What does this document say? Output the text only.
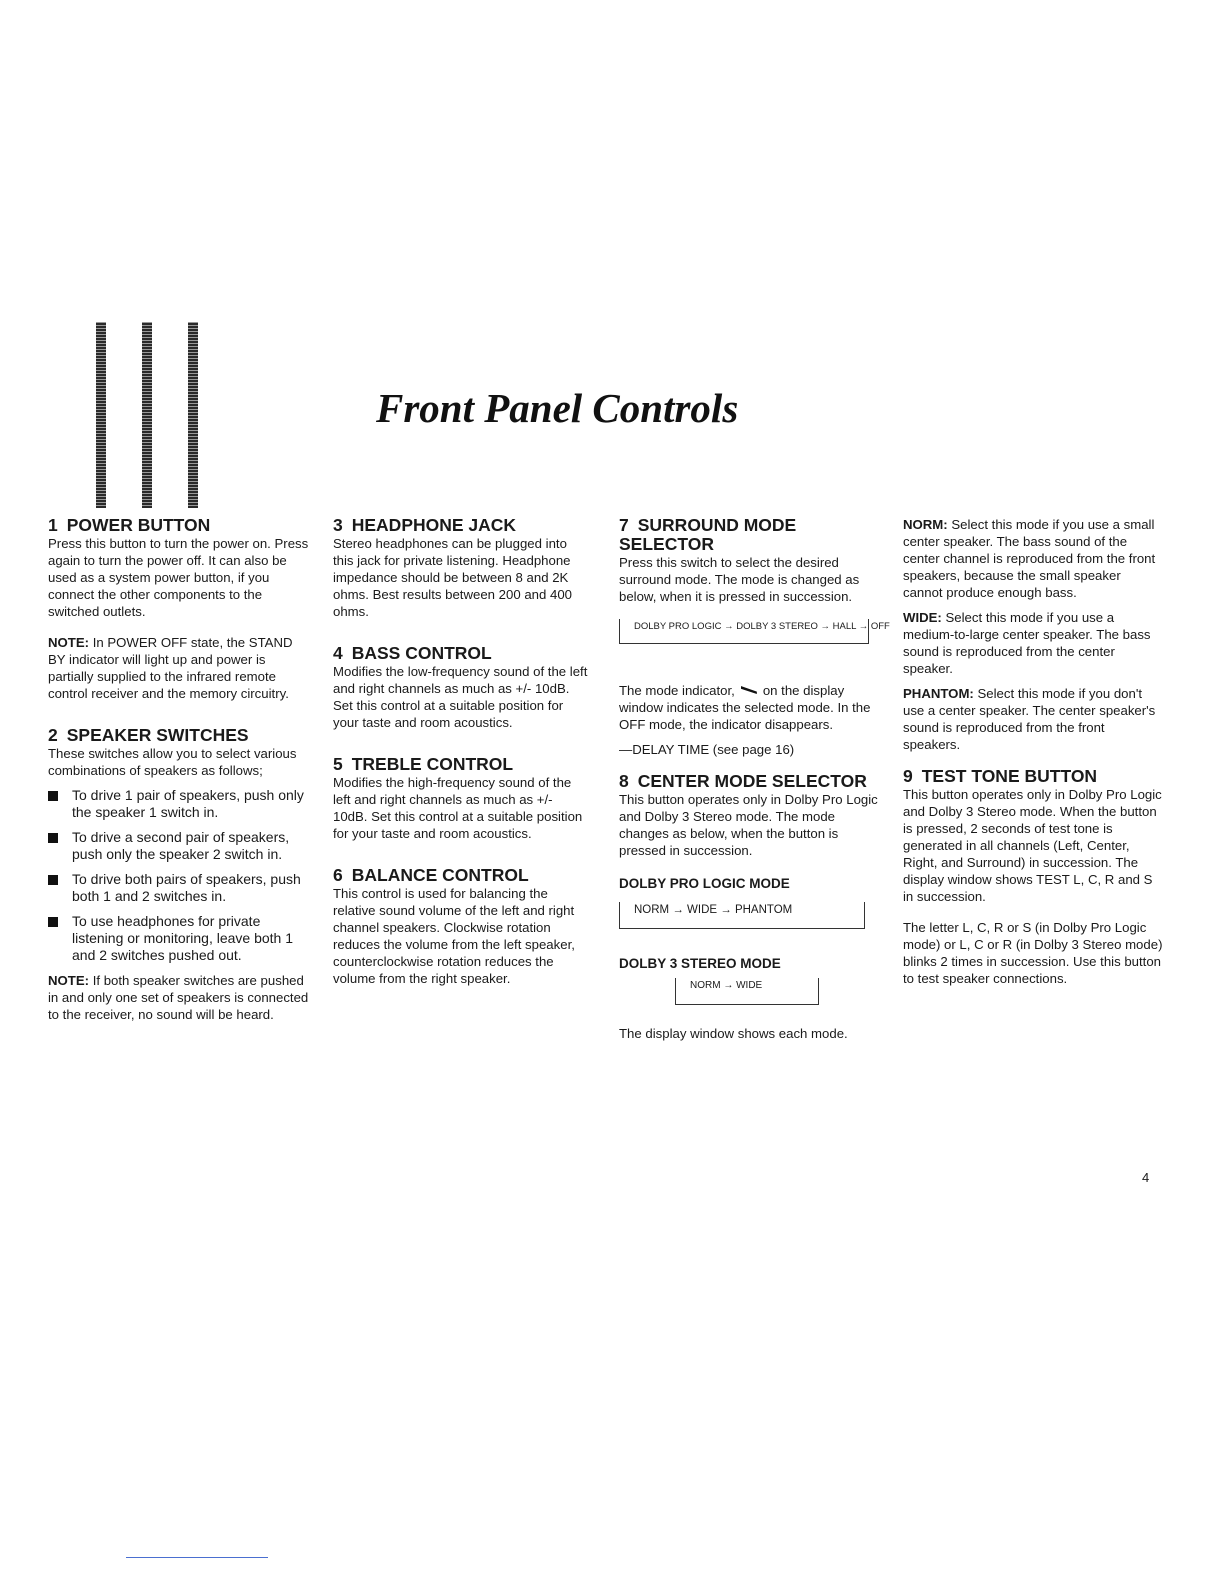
Front Panel Controls
1 POWER BUTTON

Press this button to turn the power on. Press again to turn the power off. It can also be used as a system power button, if you connect the other components to the switched outlets.

NOTE: In POWER OFF state, the STAND BY indicator will light up and power is partially supplied to the infrared remote control receiver and the memory circuitry.

2 SPEAKER SWITCHES

These switches allow you to select various combinations of speakers as follows;

To drive 1 pair of speakers, push only the speaker 1 switch in.
To drive a second pair of speakers, push only the speaker 2 switch in.
To drive both pairs of speakers, push both 1 and 2 switches in.
To use headphones for private listening or monitoring, leave both 1 and 2 switches pushed out.

NOTE: If both speaker switches are pushed in and only one set of speakers is connected to the receiver, no sound will be heard.

3 HEADPHONE JACK

Stereo headphones can be plugged into this jack for private listening. Headphone impedance should be between 8 and 2K ohms. Best results between 200 and 400 ohms.

4 BASS CONTROL

Modifies the low-frequency sound of the left and right channels as much as +/- 10dB. Set this control at a suitable position for your taste and room acoustics.

5 TREBLE CONTROL

Modifies the high-frequency sound of the left and right channels as much as +/- 10dB. Set this control at a suitable position for your taste and room acoustics.

6 BALANCE CONTROL

This control is used for balancing the relative sound volume of the left and right channel speakers. Clockwise rotation reduces the volume from the left speaker, counterclockwise rotation reduces the volume from the right speaker.

7 SURROUND MODE
SELECTOR

Press this switch to select the desired surround mode. The mode is changed as below, when it is pressed in succession.

DOLBY PRO LOGIC → DOLBY 3 STEREO → HALL → OFF

The mode indicator, on the display window indicates the selected mode. In the OFF mode, the indicator disappears.

—DELAY TIME (see page 16)

8 CENTER MODE SELECTOR

This button operates only in Dolby Pro Logic and Dolby 3 Stereo mode. The mode changes as below, when the button is pressed in succession.

DOLBY PRO LOGIC MODE

NORM → WIDE → PHANTOM

DOLBY 3 STEREO MODE

NORM → WIDE

The display window shows each mode.

NORM: Select this mode if you use a small center speaker. The bass sound of the center channel is reproduced from the front speakers, because the small speaker cannot produce enough bass.

WIDE: Select this mode if you use a medium-to-large center speaker. The bass sound is reproduced from the center speaker.

PHANTOM: Select this mode if you don't use a center speaker. The center speaker's sound is reproduced from the front speakers.

9 TEST TONE BUTTON

This button operates only in Dolby Pro Logic and Dolby 3 Stereo mode. When the button is pressed, 2 seconds of test tone is generated in all channels (Left, Center, Right, and Surround) in succession. The display window shows TEST L, C, R and S in succession.

The letter L, C, R or S (in Dolby Pro Logic mode) or L, C or R (in Dolby 3 Stereo mode) blinks 2 times in succession. Use this button to test speaker connections.

4
